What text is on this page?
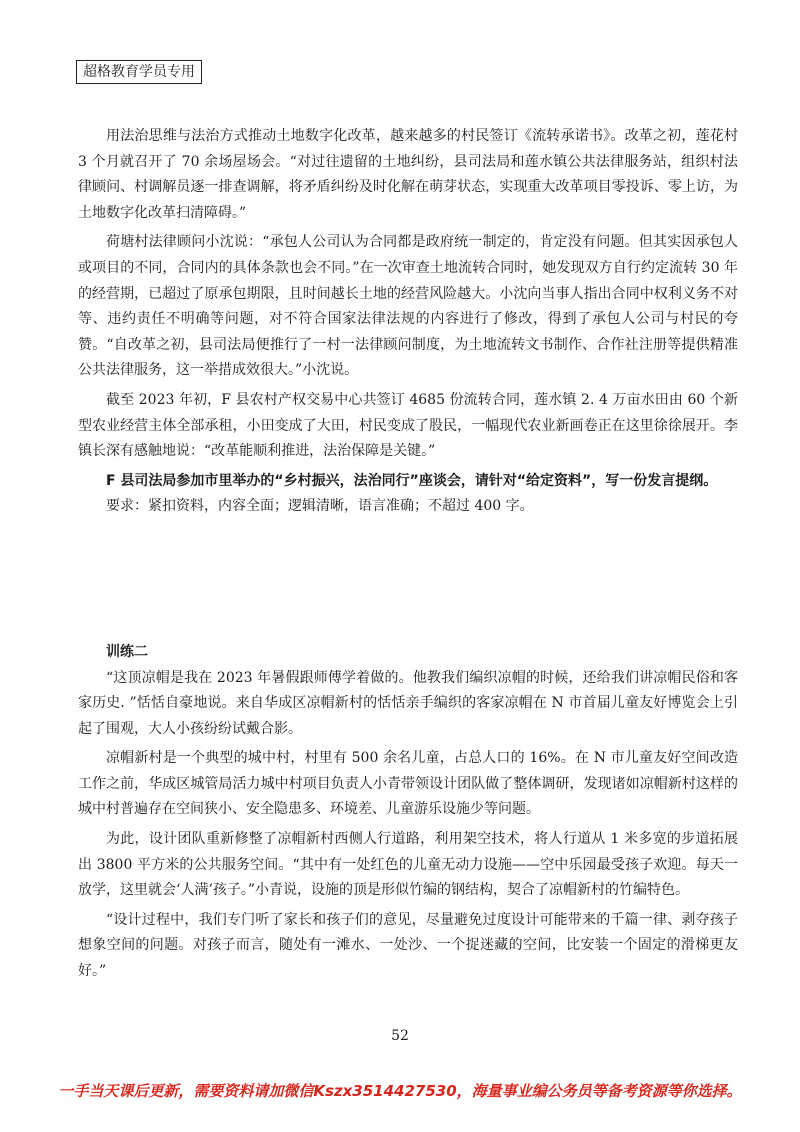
超格教育学员专用

用法治思维与法治方式推动土地数字化改革，越来越多的村民签订《流转承诺书》。改革之初，莲花村 3 个月就召开了 70 余场屋场会。“对过往遗留的土地纠纷，县司法局和莲水镇公共法律服务站，组织村法律顾问、村调解员逐一排查调解，将矛盾纠纷及时化解在萌芽状态，实现重大改革项目零投诉、零上访，为土地数字化改革扫清障碍。”

荷塘村法律顾问小沈说：“承包人公司认为合同都是政府统一制定的，肯定没有问题。但其实因承包人或项目的不同，合同内的具体条款也会不同。”在一次审查土地流转合同时，她发现双方自行约定流转 30 年的经营期，已超过了原承包期限，且时间越长土地的经营风险越大。小沈向当事人指出合同中权利义务不对等、违约责任不明确等问题，对不符合国家法律法规的内容进行了修改，得到了承包人公司与村民的夸赞。“自改革之初，县司法局便推行了一村一法律顾问制度，为土地流转文书制作、合作社注册等提供精准公共法律服务，这一举措成效很大。”小沈说。

截至 2023 年初，F 县农村产权交易中心共签订 4685 份流转合同，莲水镇 2. 4 万亩水田由 60 个新型农业经营主体全部承租，小田变成了大田，村民变成了股民，一幅现代农业新画卷正在这里徐徐展开。李镇长深有感触地说：“改革能顺利推进，法治保障是关键。”

F 县司法局参加市里举办的“乡村振兴，法治同行”座谈会，请针对“给定资料”，写一份发言提纲。

要求：紧扣资料，内容全面；逻辑清晰，语言准确；不超过 400 字。

训练二

“这顶凉帽是我在 2023 年暑假跟师傅学着做的。他教我们编织凉帽的时候，还给我们讲凉帽民俗和客家历史. ”恬恬自豪地说。来自华成区凉帽新村的恬恬亲手编织的客家凉帽在 N 市首届儿童友好博览会上引起了围观，大人小孩纷纷试戴合影。

凉帽新村是一个典型的城中村，村里有 500 余名儿童，占总人口的 16%。在 N 市儿童友好空间改造工作之前，华成区城管局活力城中村项目负责人小青带领设计团队做了整体调研，发现诸如凉帽新村这样的城中村普遍存在空间狭小、安全隐患多、环境差、儿童游乐设施少等问题。

为此，设计团队重新修整了凉帽新村西侧人行道路，利用架空技术，将人行道从 1 米多宽的步道拓展出 3800 平方米的公共服务空间。“其中有一处红色的儿童无动力设施——空中乐园最受孩子欢迎。每天一放学，这里就会‘人满’孩子。”小青说，设施的顶是形似竹编的钢结构，契合了凉帽新村的竹编特色。

“设计过程中，我们专门听了家长和孩子们的意见，尽量避免过度设计可能带来的千篇一律、剥夺孩子想象空间的问题。对孩子而言，随处有一滩水、一处沙、一个捉迷藏的空间，比安装一个固定的滑梯更友好。”

52
一手当天课后更新，需要资料请加微信Kszx3514427530，海量事业编公务员等备考资源等你选择。
